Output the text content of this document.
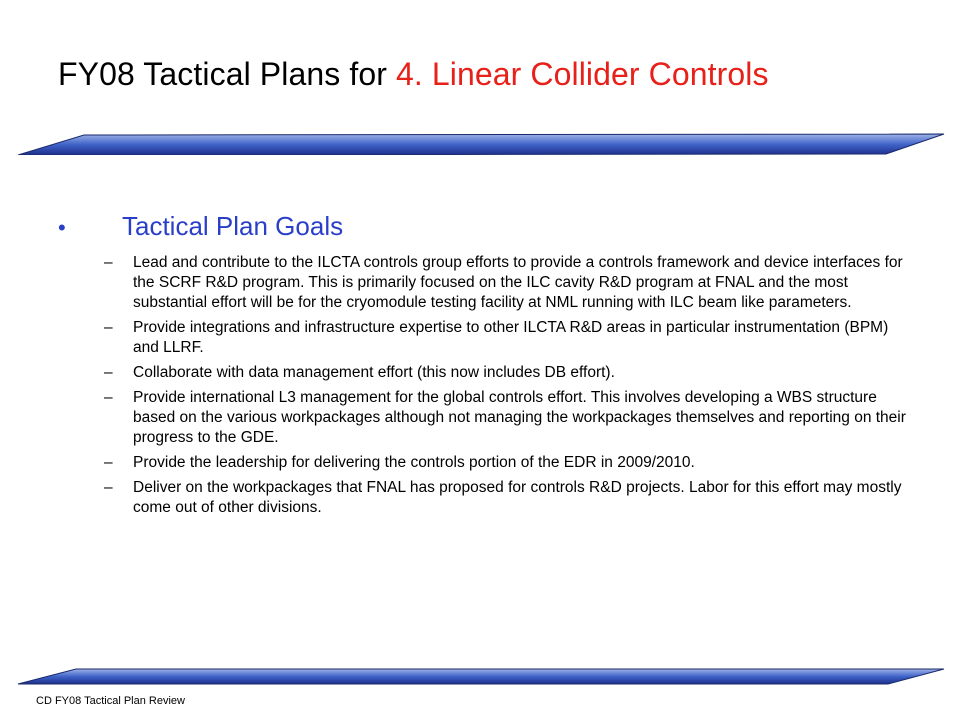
FY08 Tactical Plans for 4. Linear Collider Controls
• Tactical Plan Goals
– Lead and contribute to the ILCTA controls group efforts to provide a controls framework and device interfaces for the SCRF R&D program. This is primarily focused on the ILC cavity R&D program at FNAL and the most substantial effort will be for the cryomodule testing facility at NML running with ILC beam like parameters.
– Provide integrations and infrastructure expertise to other ILCTA R&D areas in particular instrumentation (BPM) and LLRF.
– Collaborate with data management effort (this now includes DB effort).
– Provide international L3 management for the global controls effort. This involves developing a WBS structure based on the various workpackages although not managing the workpackages themselves and reporting on their progress to the GDE.
– Provide the leadership for delivering the controls portion of the EDR in 2009/2010.
– Deliver on the workpackages that FNAL has proposed for controls R&D projects. Labor for this effort may mostly come out of other divisions.
CD FY08 Tactical Plan Review
